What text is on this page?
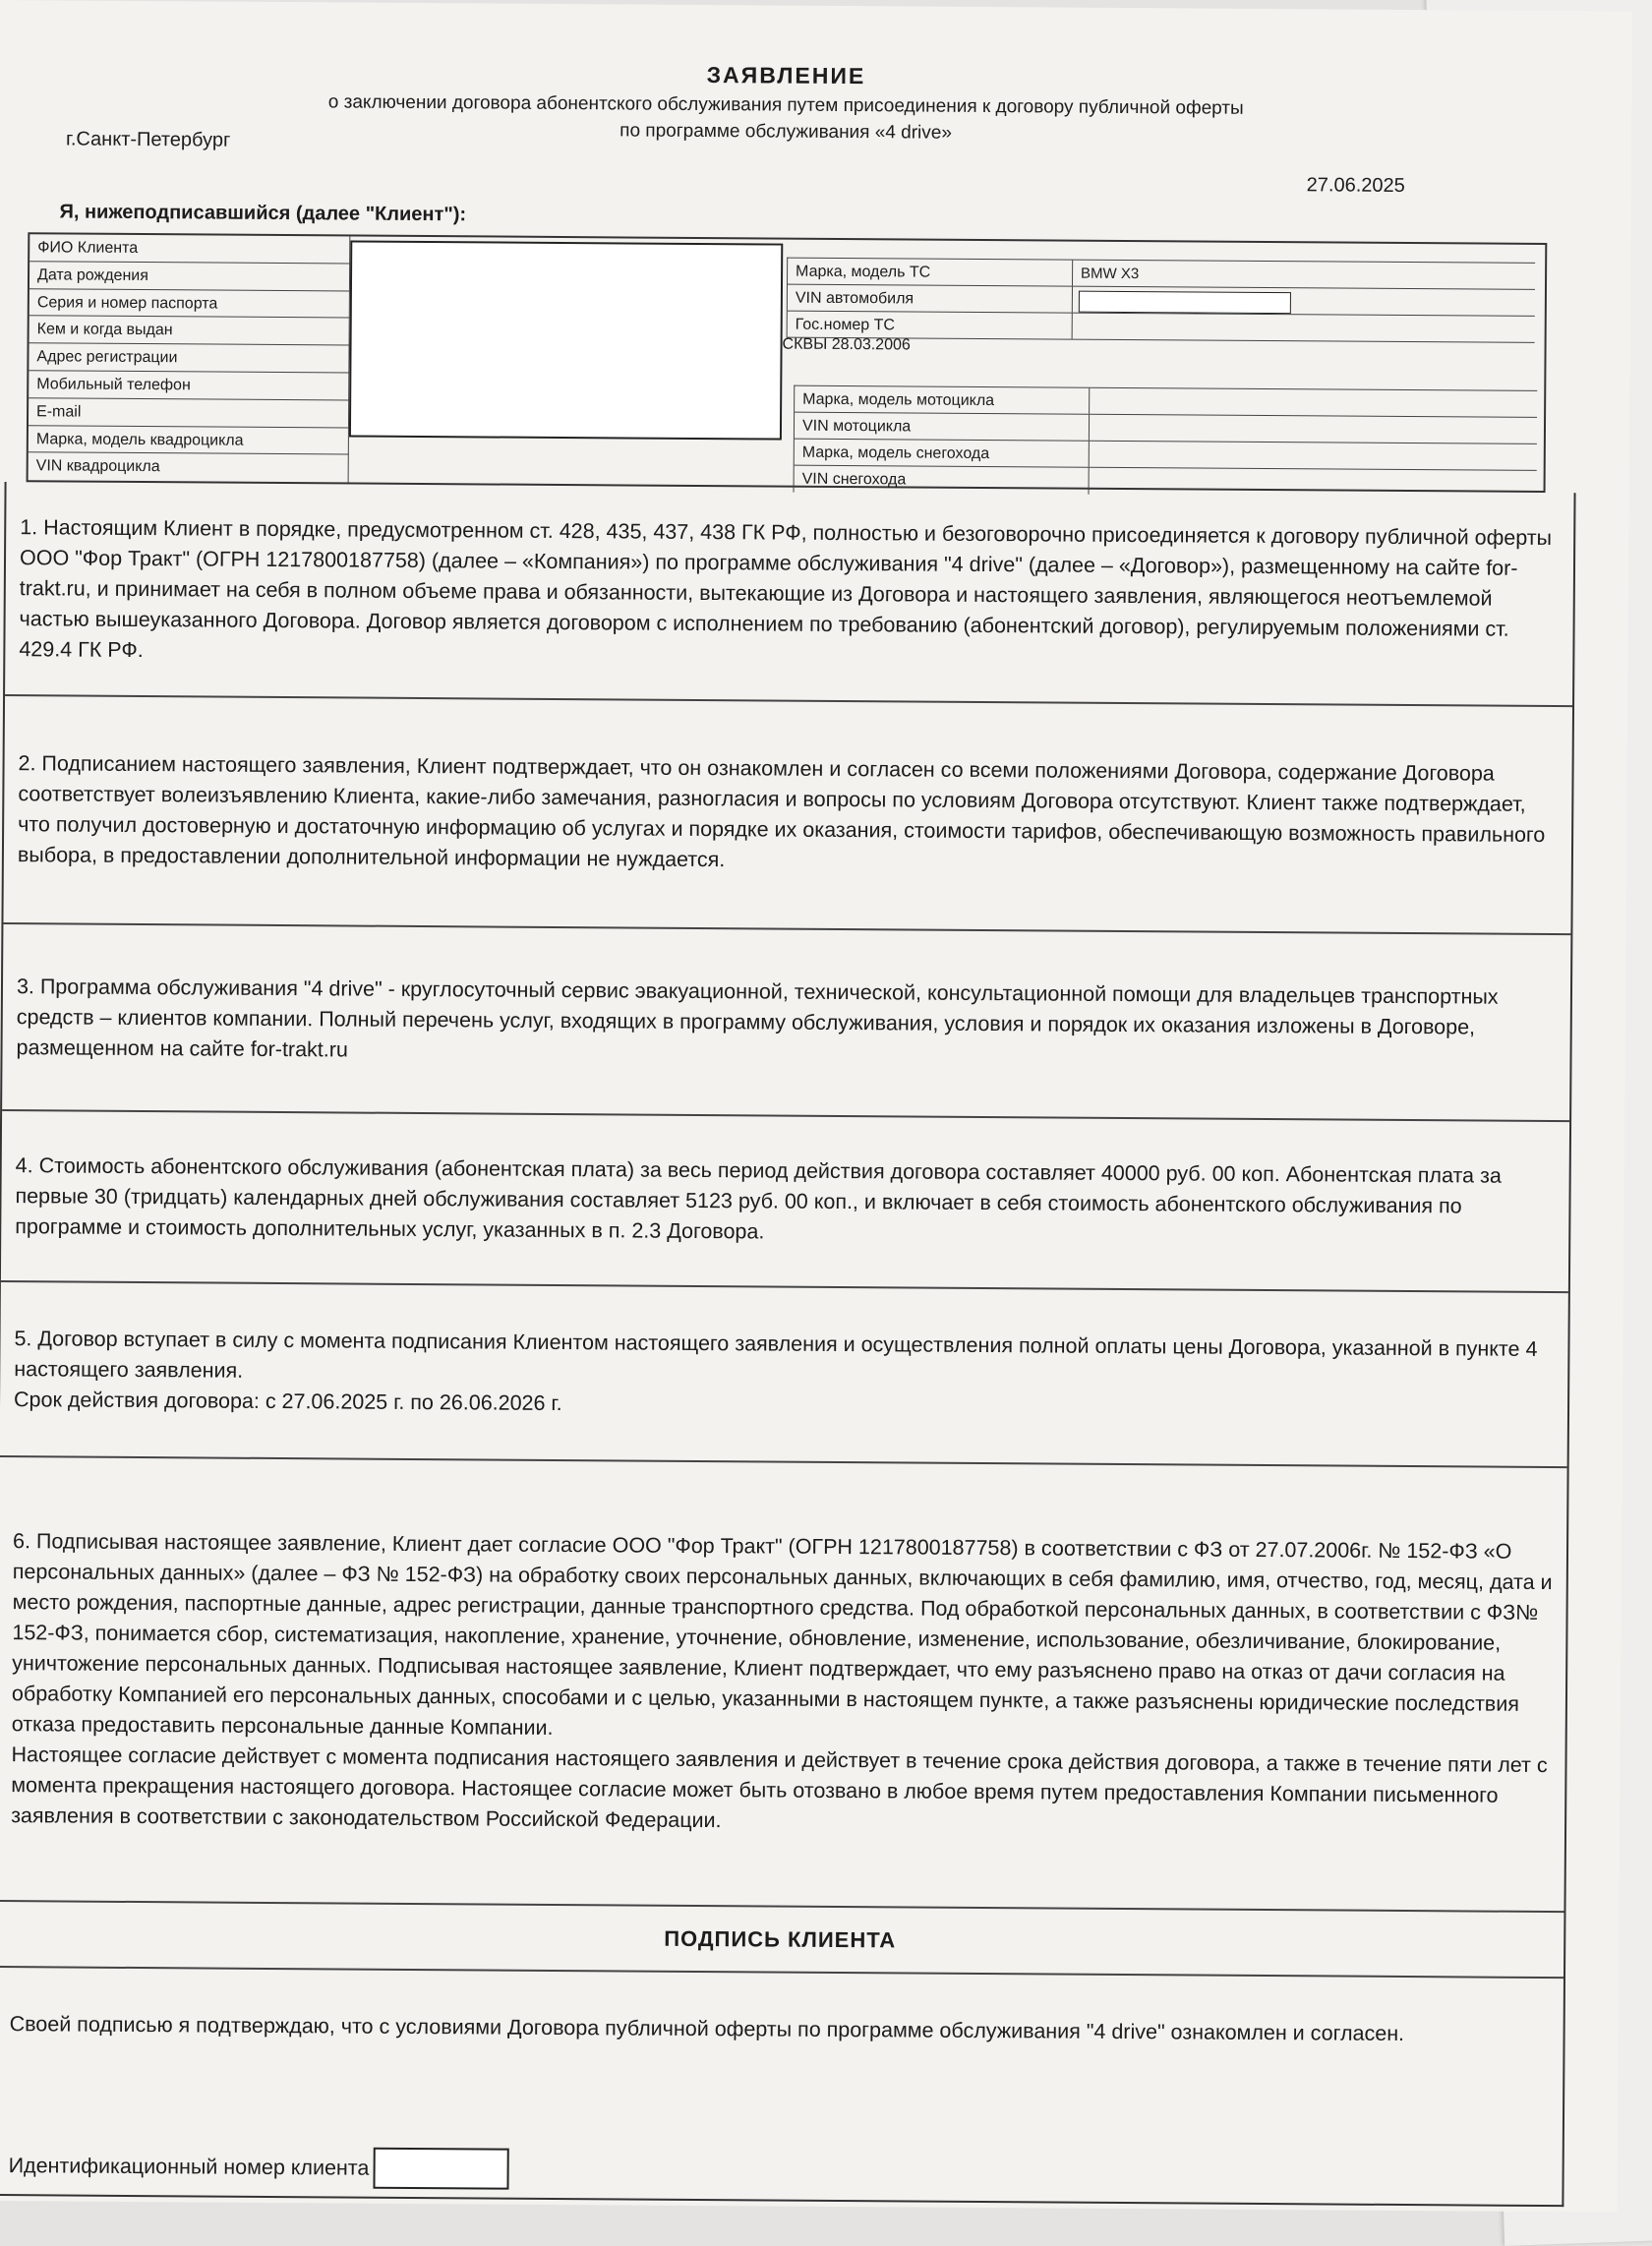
ЗАЯВЛЕНИЕ
о заключении договора абонентского обслуживания путем присоединения к договору публичной оферты
по программе обслуживания «4 drive»
г.Санкт-Петербург
27.06.2025
Я, нижеподписавшийся (далее "Клиент"):
ФИО Клиента
Дата рождения
Серия и номер паспорта
Кем и когда выдан
Адрес регистрации
Мобильный телефон
E-mail
Марка, модель квадроцикла
VIN квадроцикла
Марка, модель ТС	BMW X3
VIN автомобиля
Гос.номер ТС
СКВЫ 28.03.2006
Марка, модель мотоцикла
VIN мотоцикла
Марка, модель снегохода
VIN снегохода

1. Настоящим Клиент в порядке, предусмотренном ст. 428, 435, 437, 438 ГК РФ, полностью и безоговорочно присоединяется к договору публичной оферты ООО "Фор Тракт" (ОГРН 1217800187758) (далее – «Компания») по программе обслуживания "4 drive" (далее – «Договор»), размещенному на сайте for-trakt.ru, и принимает на себя в полном объеме права и обязанности, вытекающие из Договора и настоящего заявления, являющегося неотъемлемой частью вышеуказанного Договора. Договор является договором с исполнением по требованию (абонентский договор), регулируемым положениями ст. 429.4 ГК РФ.

2. Подписанием настоящего заявления, Клиент подтверждает, что он ознакомлен и согласен со всеми положениями Договора, содержание Договора соответствует волеизъявлению Клиента, какие-либо замечания, разногласия и вопросы по условиям Договора отсутствуют. Клиент также подтверждает, что получил достоверную и достаточную информацию об услугах и порядке их оказания, стоимости тарифов, обеспечивающую возможность правильного выбора, в предоставлении дополнительной информации не нуждается.

3. Программа обслуживания "4 drive" - круглосуточный сервис эвакуационной, технической, консультационной помощи для владельцев транспортных средств – клиентов компании. Полный перечень услуг, входящих в программу обслуживания, условия и порядок их оказания изложены в Договоре, размещенном на сайте for-trakt.ru

4. Стоимость абонентского обслуживания (абонентская плата) за весь период действия договора составляет 40000 руб. 00 коп. Абонентская плата за первые 30 (тридцать) календарных дней обслуживания составляет 5123 руб. 00 коп., и включает в себя стоимость абонентского обслуживания по программе и стоимость дополнительных услуг, указанных в п. 2.3 Договора.

5. Договор вступает в силу с момента подписания Клиентом настоящего заявления и осуществления полной оплаты цены Договора, указанной в пункте 4 настоящего заявления.

Срок действия договора: с 27.06.2025 г. по 26.06.2026 г.

6. Подписывая настоящее заявление, Клиент дает согласие ООО "Фор Тракт" (ОГРН 1217800187758) в соответствии с ФЗ от 27.07.2006г. № 152-ФЗ «О персональных данных» (далее – ФЗ № 152-ФЗ) на обработку своих персональных данных, включающих в себя фамилию, имя, отчество, год, месяц, дата и место рождения, паспортные данные, адрес регистрации, данные транспортного средства. Под обработкой персональных данных, в соответствии с ФЗ№ 152-ФЗ, понимается сбор, систематизация, накопление, хранение, уточнение, обновление, изменение, использование, обезличивание, блокирование, уничтожение персональных данных. Подписывая настоящее заявление, Клиент подтверждает, что ему разъяснено право на отказ от дачи согласия на обработку Компанией его персональных данных, способами и с целью, указанными в настоящем пункте, а также разъяснены юридические последствия отказа предоставить персональные данные Компании.

Настоящее согласие действует с момента подписания настоящего заявления и действует в течение срока действия договора, а также в течение пяти лет с момента прекращения настоящего договора. Настоящее согласие может быть отозвано в любое время путем предоставления Компании письменного заявления в соответствии с законодательством Российской Федерации.

ПОДПИСЬ КЛИЕНТА
Своей подписью я подтверждаю, что с условиями Договора публичной оферты по программе обслуживания "4 drive" ознакомлен и согласен.
Идентификационный номер клиента
